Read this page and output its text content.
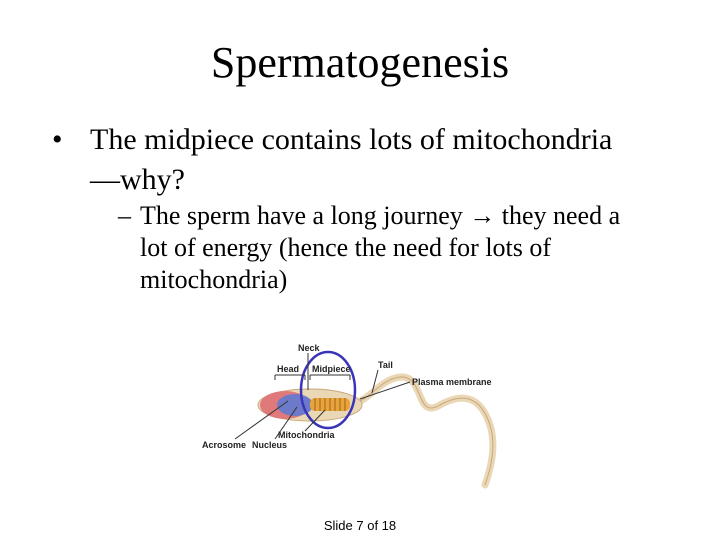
Spermatogenesis
• The midpiece contains lots of mitochondria
—why?
– The sperm have a long journey → they need a
lot of energy (hence the need for lots of
mitochondria)
Neck
Head Midpiece	Tail
Plasma membrane
Mitochondria
Acrosome Nucleus
Slide 7 of 18
